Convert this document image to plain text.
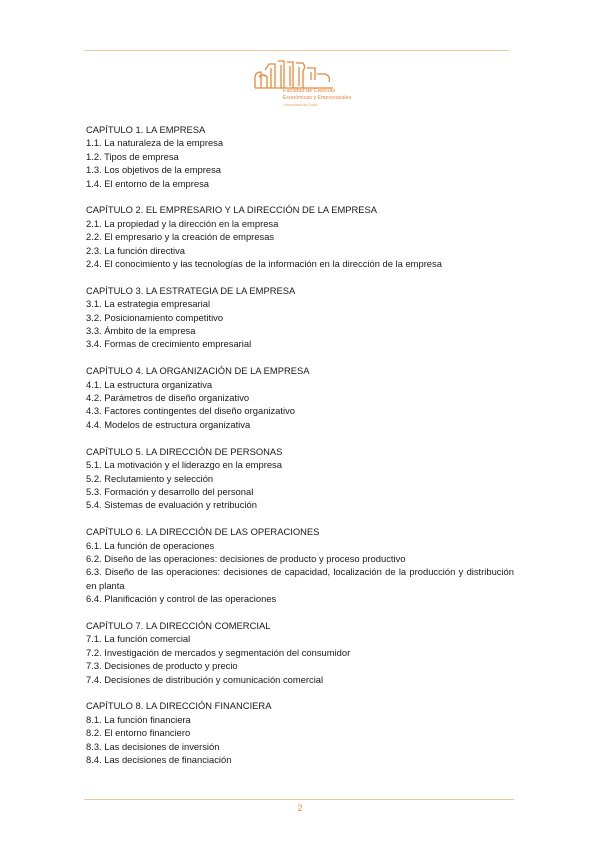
Facultad de Ciencias
Económicas y Empresariales
Universidad de Cádiz
CAPÍTULO 1. LA EMPRESA
1.1. La naturaleza de la empresa
1.2. Tipos de empresa
1.3. Los objetivos de la empresa
1.4. El entorno de la empresa
CAPÍTULO 2. EL EMPRESARIO Y LA DIRECCIÓN DE LA EMPRESA
2.1. La propiedad y la dirección en la empresa
2.2. El empresario y la creación de empresas
2.3. La función directiva
2.4. El conocimiento y las tecnologías de la información en la dirección de la empresa
CAPÍTULO 3. LA ESTRATEGIA DE LA EMPRESA
3.1. La estrategia empresarial
3.2. Posicionamiento competitivo
3.3. Ámbito de la empresa
3.4. Formas de crecimiento empresarial
CAPÍTULO 4. LA ORGANIZACIÓN DE LA EMPRESA
4.1. La estructura organizativa
4.2. Parámetros de diseño organizativo
4.3. Factores contingentes del diseño organizativo
4.4. Modelos de estructura organizativa
CAPÍTULO 5. LA DIRECCIÓN DE PERSONAS
5.1. La motivación y el liderazgo en la empresa
5.2. Reclutamiento y selección
5.3. Formación y desarrollo del personal
5.4. Sistemas de evaluación y retribución
CAPÍTULO 6. LA DIRECCIÓN DE LAS OPERACIONES
6.1. La función de operaciones
6.2. Diseño de las operaciones: decisiones de producto y proceso productivo
6.3. Diseño de las operaciones: decisiones de capacidad, localización de la producción y distribución en planta
6.4. Planificación y control de las operaciones
CAPÍTULO 7. LA DIRECCIÓN COMERCIAL
7.1. La función comercial
7.2. Investigación de mercados y segmentación del consumidor
7.3. Decisiones de producto y precio
7.4. Decisiones de distribución y comunicación comercial
CAPÍTULO 8. LA DIRECCIÓN FINANCIERA
8.1. La función financiera
8.2. El entorno financiero
8.3. Las decisiones de inversión
8.4. Las decisiones de financiación
2
